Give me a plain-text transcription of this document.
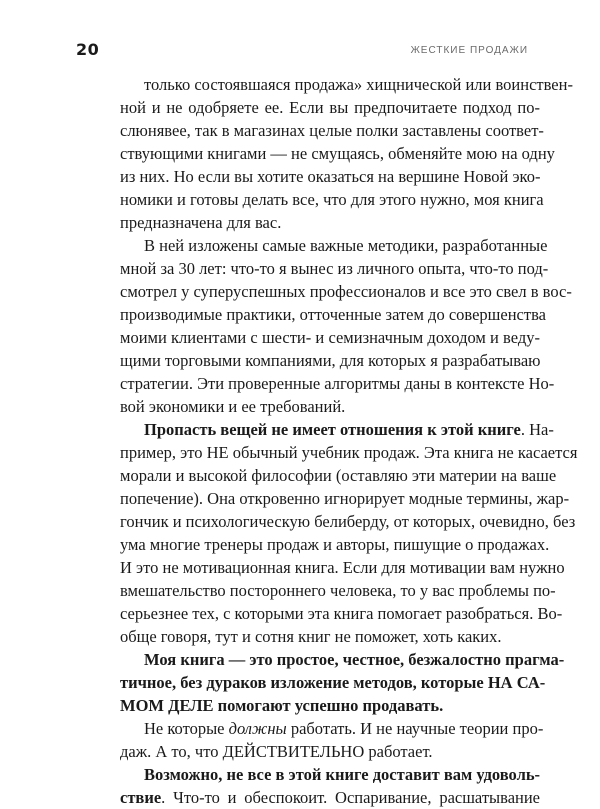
20	ЖЕСТКИЕ ПРОДАЖИ
только состоявшаяся продажа» хищнической или воинствен-
ной и не одобряете ее. Если вы предпочитаете подход по-
слюнявее, так в магазинах целые полки заставлены соответ-
ствующими книгами — не смущаясь, обменяйте мою на одну
из них. Но если вы хотите оказаться на вершине Новой эко-
номики и готовы делать все, что для этого нужно, моя книга
предназначена для вас.
В ней изложены самые важные методики, разработанные
мной за 30 лет: что-то я вынес из личного опыта, что-то под-
смотрел у суперуспешных профессионалов и все это свел в вос-
производимые практики, отточенные затем до совершенства
моими клиентами с шести- и семизначным доходом и веду-
щими торговыми компаниями, для которых я разрабатываю
стратегии. Эти проверенные алгоритмы даны в контексте Но-
вой экономики и ее требований.
Пропасть вещей не имеет отношения к этой книге. На-
пример, это НЕ обычный учебник продаж. Эта книга не касается
морали и высокой философии (оставляю эти материи на ваше
попечение). Она откровенно игнорирует модные термины, жар-
гончик и психологическую белиберду, от которых, очевидно, без
ума многие тренеры продаж и авторы, пишущие о продажах.
И это не мотивационная книга. Если для мотивации вам нужно
вмешательство постороннего человека, то у вас проблемы по-
серьезнее тех, с которыми эта книга помогает разобраться. Во-
обще говоря, тут и сотня книг не поможет, хоть каких.
Моя книга — это простое, честное, безжалостно прагма-
тичное, без дураков изложение методов, которые НА СА-
МОМ ДЕЛЕ помогают успешно продавать.
Не которые должны работать. И не научные теории про-
даж. А то, что ДЕЙСТВИТЕЛЬНО работает.
Возможно, не все в этой книге доставит вам удоволь-
ствие. Что-то и обеспокоит. Оспаривание, расшатывание
